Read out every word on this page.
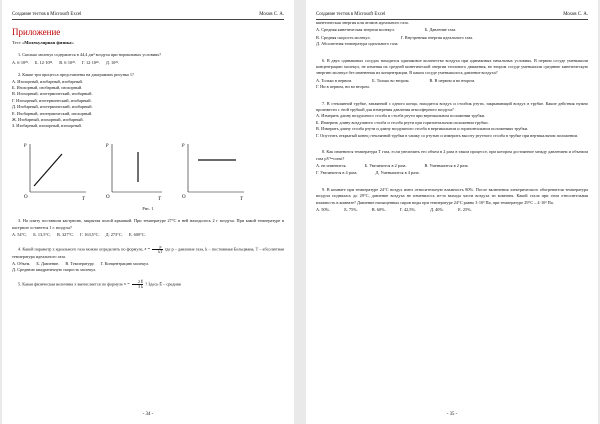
Создание тестов в Microsoft Excel	Мохов С. А.
Приложение
Тест «Молекулярная физика»

1. Сколько молекул содержится в 44,4 дм³ воздуха при нормальных условиях?

А. 6·10²⁵. Б. 12·10²³. В. 6·10²³. Г. 12·10²⁶. Д. 10²³.

2. Какие три процесса представлены на диаграммах рисунка 1?

А. Изохорный, изобарный, изобарный.

Б. Изохорный, изобарный, изохорный.

В. Изохорный, изотермический, изобарный.

Г. Изохорный, изотермический, изобарный.

Д. Изобарный, изотермический, изобарный.

Е. Изобарный, изотермический, изохорный.

Ж. Изобарный, изохорный, изобарный.

З. Изобарный, изохорный, изохорный.

p
O	T
p
O	T
p
O	T
Рис. 1

3. На плиту поставили кастрюлю, закрытая полой крышкой. При температуре 27°С в ней находилось 2 г воздуха. При какой температуре в кастрюле останется 1 г. воздуха?

А. 54°С. Б. 13,5°С. В. 327°С. Г. 163,5°С. Д. 273°С. Е. 600°С.

4. Какой параметр z идеального газа можно определить по формуле, $z = \frac{p}{kT}$ где p – давление газа, k – постоянная Больцмана, T – абсолютная температура идеального газа.

А. Объем. Б. Давление. В. Температуру. Г. Концентрацию молекул.

Д. Среднюю квадратичную скорость молекул.

5. Какая физическая величина x вычисляется по формуле $x = \frac{2 Ē}{3 k}$ ? Здесь Ē – средняя

- 34 -
Создание тестов в Microsoft Excel	Мохов С. А.

кинетическая энергия или атомов идеального газа.

А. Средняя кинетическая энергия молекул.	Б. Давление газа.
В. Средняя скорость молекул.	Г. Внутренняя энергия идеального газа.

Д. Абсолютная температура идеального газа.

6. В двух одинаковых сосудах находится одинаковое количество воздуха при одинаковых начальных условиях. В первом сосуде уменьшили концентрацию молекул, не изменяя их средней кинетической энергии теплового движения, во втором сосуде уменьшили среднюю кинетическую энергию молекул без изменения их концентрации. В каком сосуде уменьшилось давление воздуха?

А. Только в первом.	Б. Только во втором.	В. В первом и во втором.

Г. Ни в первом, ни во втором.

7. В стеклянной трубке, запаянной с одного конца, находится воздух и столбик ртути, закрывающий воздух в трубке. Какие действия нужно произвести с этой трубкой для измерения давления атмосферного воздуха?

А. Измерить длину воздушного столба и столба ртути при вертикальном положении трубки.

Б. Измерить длину воздушного столба и столба ртути при горизонтальном положении трубки.

В. Измерить длину столба ртути и длину воздушного столба в вертикальном и горизонтальном положениях трубки.

Г. Опустить открытый конец стеклянной трубки в чашку со ртутью и измерить высоту ртутного столба в трубке при вертикальном положении.

8. Как изменится температура T газа, если увеличить его объем в 2 раза в таком процессе, при котором достоянное между давлением и объемом газа pV²=const?

А. не изменится.	Б. Увеличится в 2 раза.	В. Уменьшится в 2 раза.
Г. Увеличится в 4 раза.	Д. Уменьшится в 4 раза.

9. В комнате при температуре 24°С воздух имел относительную влажность 80%. После включения электрического обогревателя температура воздуха поднялась до 29°С, давление воздуха не изменилось из-за выхода части воздуха из комнаты. Какой стала при этом относительная влажность в комнате? Давление насыщенных паров воды при температуре 24°С равно 3·10³ Па, при температуре 29°С – 4·10³ Па.

А. 50%.	Б. 75%.	В. 60%.	Г. 42,5%.	Д. 40%.	Е. 25%.
- 35 -
